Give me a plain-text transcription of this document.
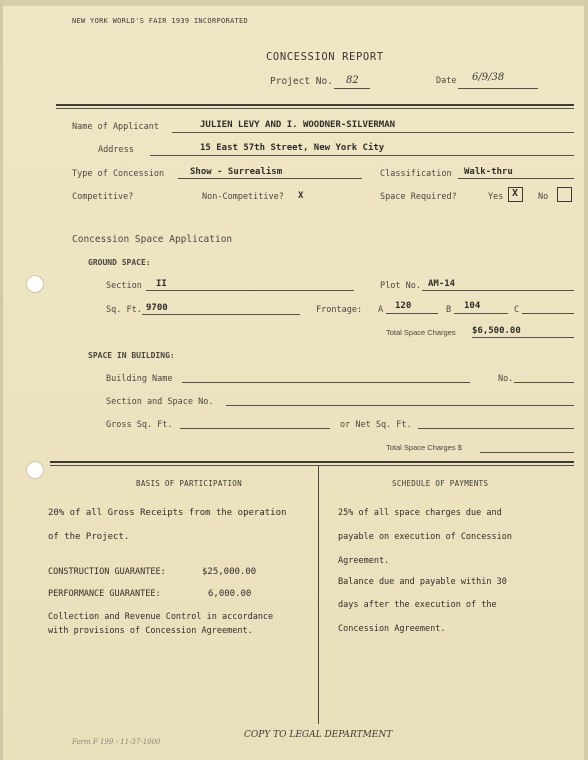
NEW YORK WORLD'S FAIR 1939 INCORPORATED
CONCESSION REPORT
Project No. 82	Date 6/9/38
Name of Applicant	JULIEN LEVY AND I. WOODNER-SILVERMAN
Address	15 East 57th Street, New York City
Type of Concession	Show - Surrealism	Classification Walk-thru
Competitive?	Non-Competitive? X	Space Required?	Yes X No
Concession Space Application
GROUND SPACE:
Section II	Plot No. AM-14
Sq. Ft. 9700	Frontage: A 120	B 104	C
Total Space Charges $6,500.00
SPACE IN BUILDING:
Building Name	No.
Section and Space No.
Gross Sq. Ft.	or Net Sq. Ft.
Total Space Charges $
BASIS OF PARTICIPATION
20% of all Gross Receipts from the operation
of the Project.
CONSTRUCTION GUARANTEE:	$25,000.00
PERFORMANCE GUARANTEE:	6,000.00
Collection and Revenue Control in accordance
with provisions of Concession Agreement.
SCHEDULE OF PAYMENTS
25% of all space charges due and
payable on execution of Concession
Agreement.
Balance due and payable within 30
days after the execution of the
Concession Agreement.
COPY TO LEGAL DEPARTMENT
Form F 199 - 11-37-1000
